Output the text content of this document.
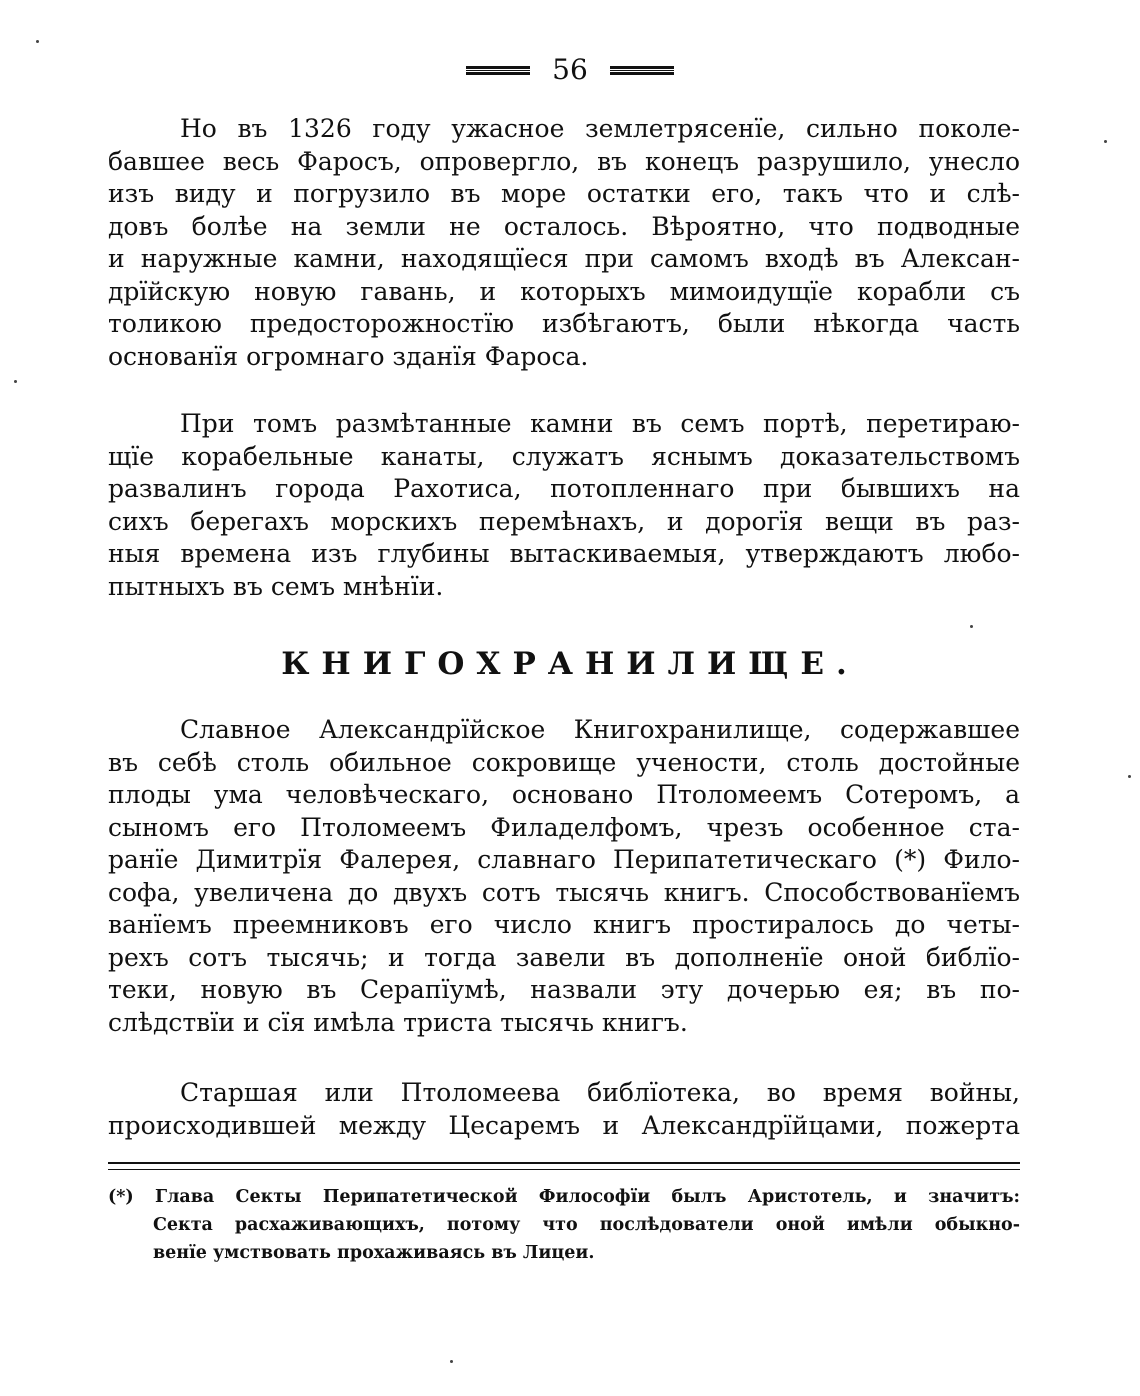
56
Но въ 1326 году ужасное землетрясенїе, сильно поколе-
бавшее весь Фаросъ, опровергло, въ конецъ разрушило, унесло
изъ виду и погрузило въ море остатки его, такъ что и слѣ-
довъ болѣе на земли не осталось. Вѣроятно, что подводные
и наружные камни, находящїеся при самомъ входѣ въ Алексан-
дрїйскую новую гавань, и которыхъ мимоидущїе корабли съ
толикою предосторожностїю избѣгаютъ, были нѣкогда часть
основанїя огромнаго зданїя Фароса.
При томъ размѣтанные камни въ семъ портѣ, перетираю-
щїе корабельные канаты, служатъ яснымъ доказательствомъ
развалинъ города Рахотиса, потопленнаго при бывшихъ на
сихъ берегахъ морскихъ перемѣнахъ, и дорогїя вещи въ раз-
ныя времена изъ глубины вытаскиваемыя, утверждаютъ любо-
пытныхъ въ семъ мнѣнїи.
КНИГОХРАНИЛИЩЕ.
Славное Александрїйское Книгохранилище, содержавшее
въ себѣ столь обильное сокровище учености, столь достойные
плоды ума человѣческаго, основано Птоломеемъ Сотеромъ, а
сыномъ его Птоломеемъ Филаделфомъ, чрезъ особенное ста-
ранїе Димитрїя Фалерея, славнаго Перипатетическаго (*) Фило-
софа, увеличена до двухъ сотъ тысячь книгъ. Способствованїемъ
ванїемъ преемниковъ его число книгъ простиралось до четы-
рехъ сотъ тысячь; и тогда завели въ дополненїе оной библїо-
теки, новую въ Серапїумѣ, назвали эту дочерью ея; въ по-
слѣдствїи и сїя имѣла триста тысячь книгъ.
Старшая или Птоломеева библїотека, во время войны,
происходившей между Цесаремъ и Александрїйцами, пожерта
(*) Глава Секты Перипатетической Философїи былъ Аристотель, и значитъ:
Секта расхаживающихъ, потому что послѣдователи оной имѣли обыкно-
венїе умствовать прохаживаясь въ Лицеи.
